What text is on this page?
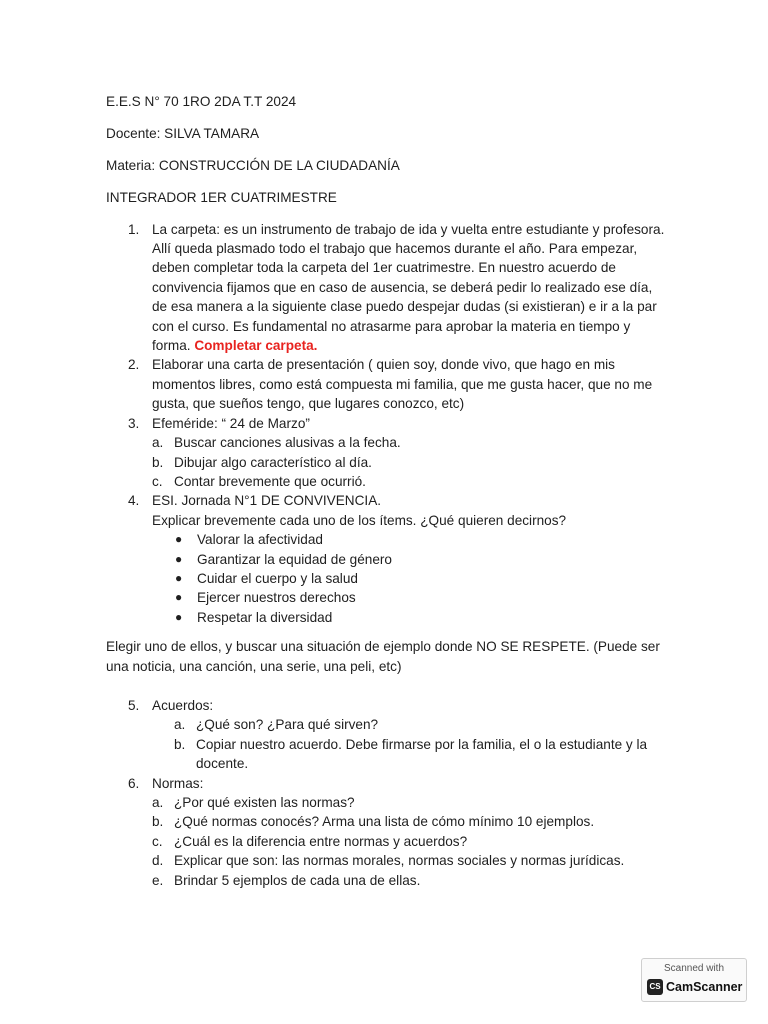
E.E.S N° 70 1RO 2DA T.T 2024
Docente: SILVA TAMARA
Materia: CONSTRUCCIÓN DE LA CIUDADANÍA
INTEGRADOR 1ER CUATRIMESTRE
1. La carpeta: es un instrumento de trabajo de ida y vuelta entre estudiante y profesora. Allí queda plasmado todo el trabajo que hacemos durante el año. Para empezar, deben completar toda la carpeta del 1er cuatrimestre. En nuestro acuerdo de convivencia fijamos que en caso de ausencia, se deberá pedir lo realizado ese día, de esa manera a la siguiente clase puedo despejar dudas (si existieran) e ir a la par con el curso. Es fundamental no atrasarme para aprobar la materia en tiempo y forma. Completar carpeta.
2. Elaborar una carta de presentación ( quien soy, donde vivo, que hago en mis momentos libres, como está compuesta mi familia, que me gusta hacer, que no me gusta, que sueños tengo, que lugares conozco, etc)
3. Efeméride: “ 24 de Marzo”
a. Buscar canciones alusivas a la fecha.
b. Dibujar algo característico al día.
c. Contar brevemente que ocurrió.
4. ESI. Jornada N°1 DE CONVIVENCIA.
Explicar brevemente cada uno de los ítems. ¿Qué quieren decirnos?
● Valorar la afectividad
● Garantizar la equidad de género
● Cuidar el cuerpo y la salud
● Ejercer nuestros derechos
● Respetar la diversidad

Elegir uno de ellos, y buscar una situación de ejemplo donde NO SE RESPETE. (Puede ser una noticia, una canción, una serie, una peli, etc)

5. Acuerdos:
a. ¿Qué son? ¿Para qué sirven?
b. Copiar nuestro acuerdo. Debe firmarse por la familia, el o la estudiante y la docente.
6. Normas:
a. ¿Por qué existen las normas?
b. ¿Qué normas conocés? Arma una lista de cómo mínimo 10 ejemplos.
c. ¿Cuál es la diferencia entre normas y acuerdos?
d. Explicar que son: las normas morales, normas sociales y normas jurídicas.
e. Brindar 5 ejemplos de cada una de ellas.
Scanned with
CS CamScanner
